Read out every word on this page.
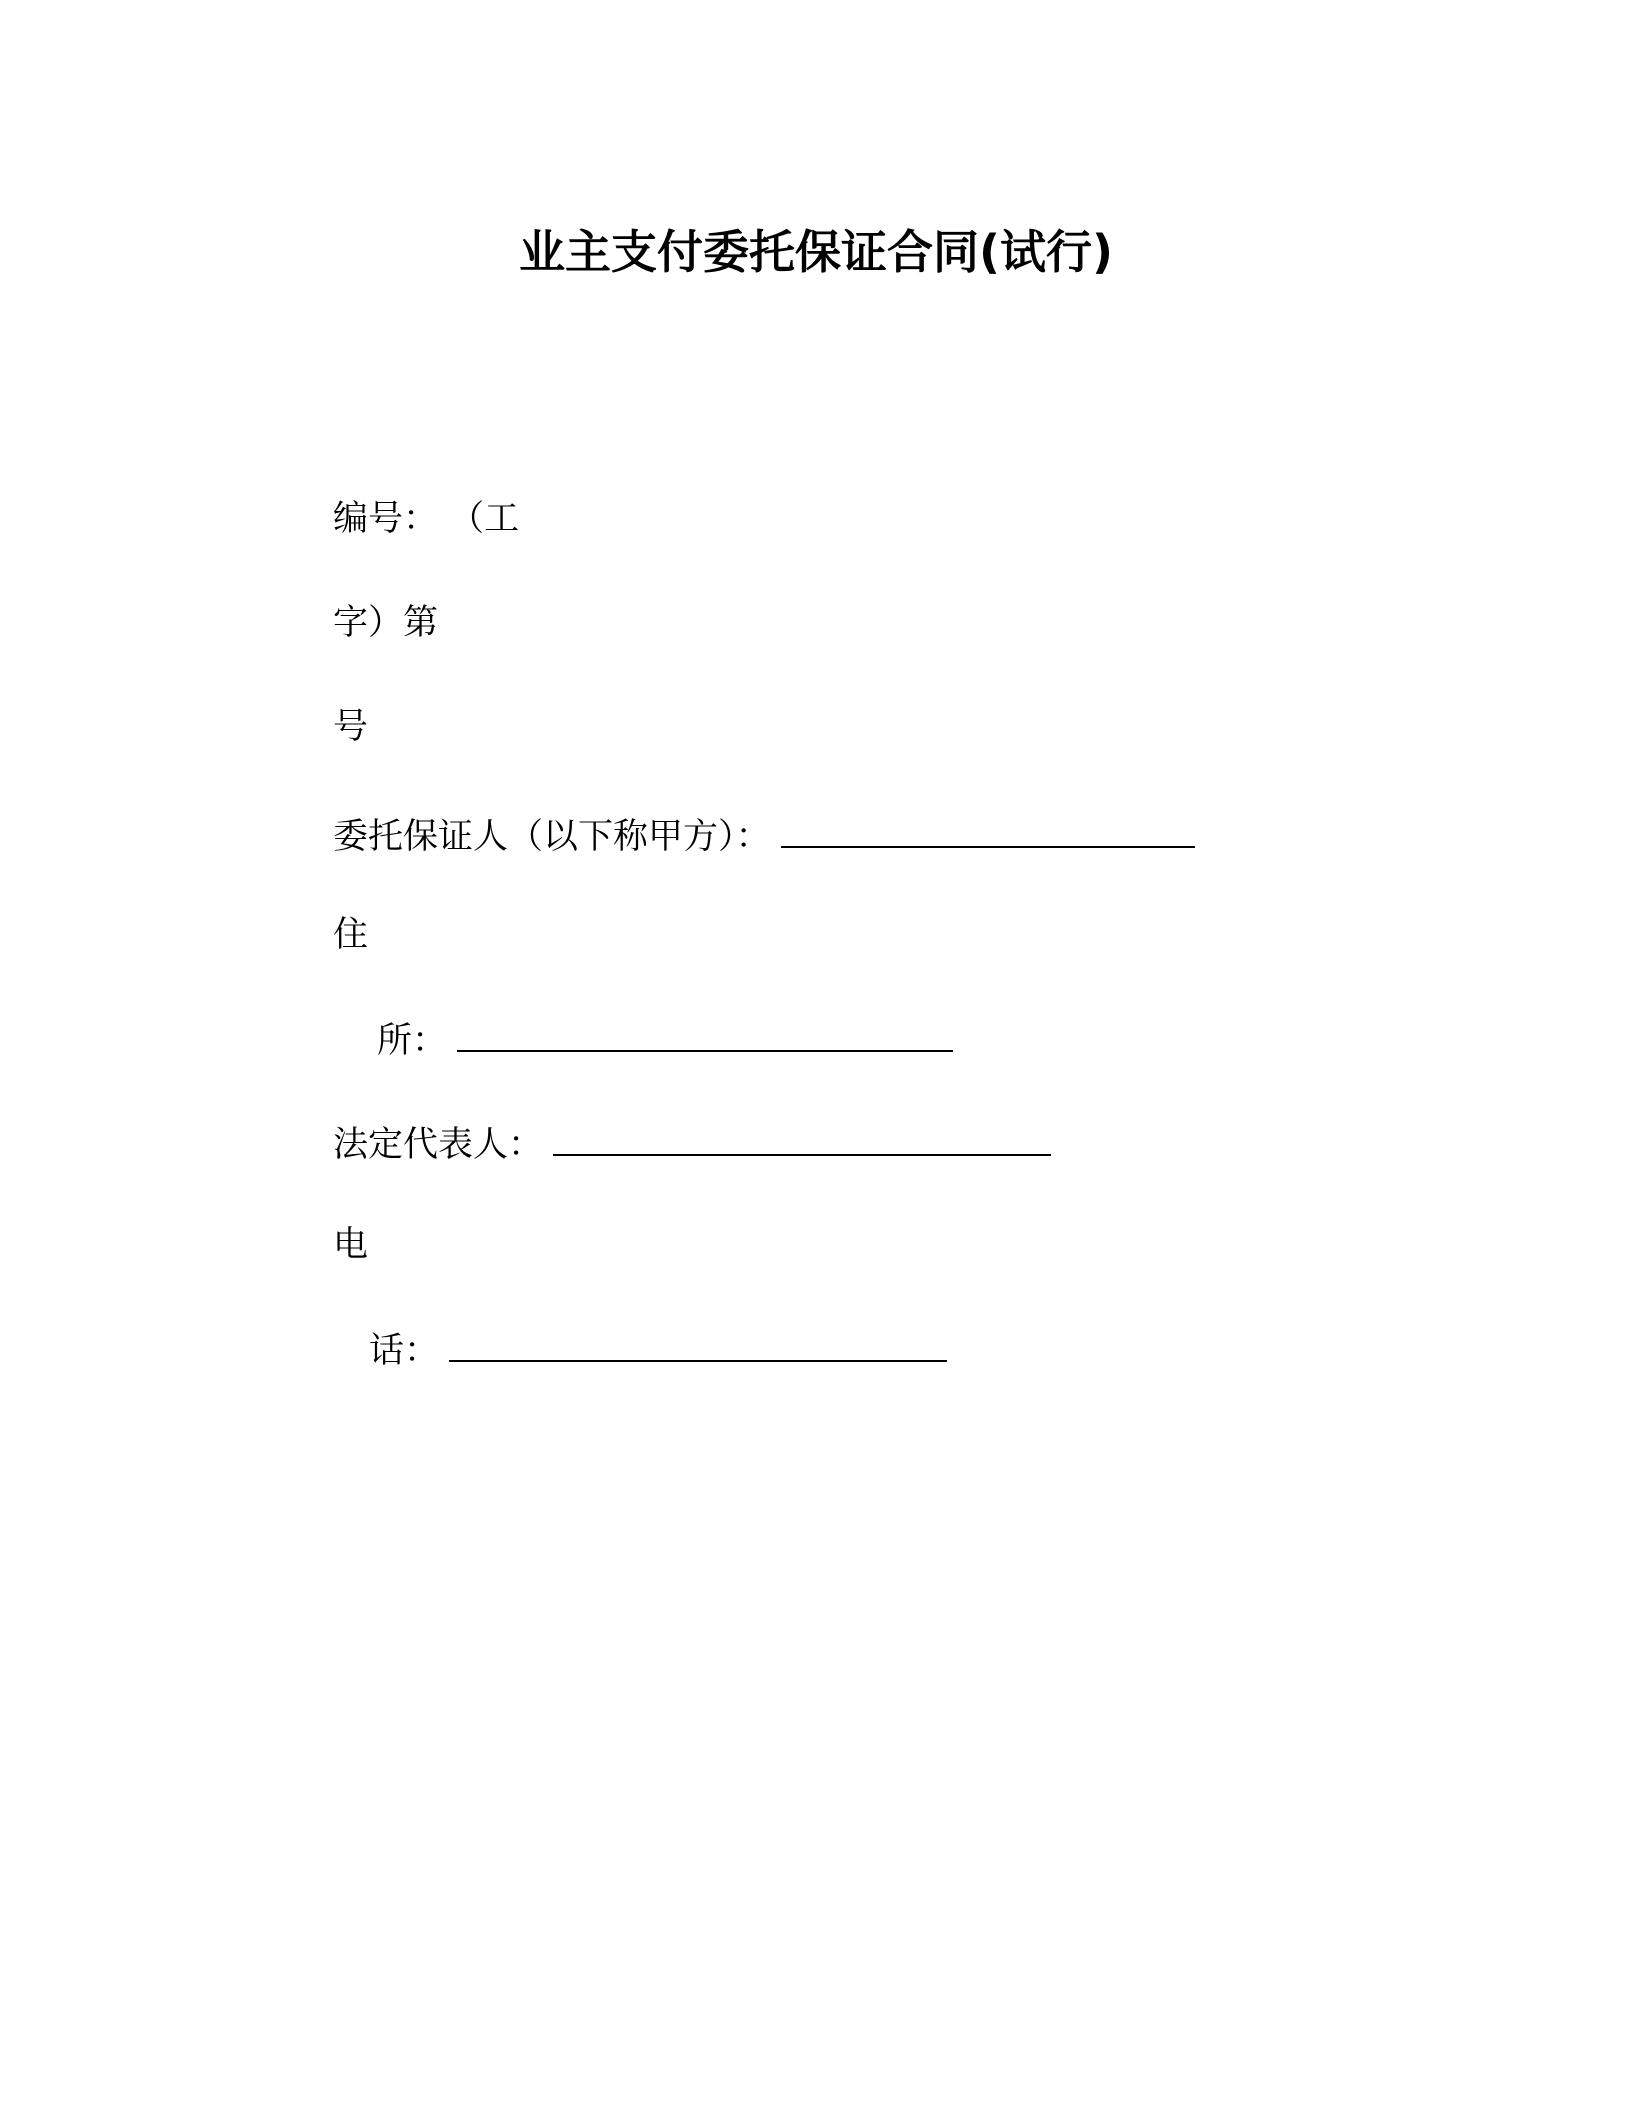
业主支付委托保证合同(试行)
编号： （工
字）第
号
委托保证人（以下称甲方）：
住
所：
法定代表人：
电
话：
